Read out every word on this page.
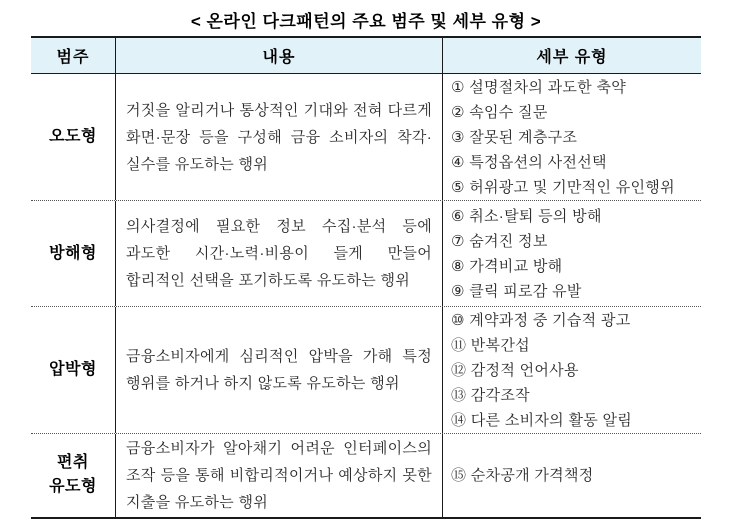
< 온라인 다크패턴의 주요 범주 및 세부 유형 >
범주	내용	세부 유형
오도형
거짓을 알리거나 통상적인 기대와 전혀 다르게 화면·문장 등을 구성해 금융 소비자의 착각·실수를 유도하는 행위
① 설명절차의 과도한 축약
② 속임수 질문
③ 잘못된 계층구조
④ 특정옵션의 사전선택
⑤ 허위광고 및 기만적인 유인행위
방해형
의사결정에 필요한 정보 수집·분석 등에 과도한 시간·노력·비용이 들게 만들어 합리적인 선택을 포기하도록 유도하는 행위
⑥ 취소·탈퇴 등의 방해
⑦ 숨겨진 정보
⑧ 가격비교 방해
⑨ 클릭 피로감 유발
압박형
금융소비자에게 심리적인 압박을 가해 특정 행위를 하거나 하지 않도록 유도하는 행위
⑩ 계약과정 중 기습적 광고
⑪ 반복간섭
⑫ 감정적 언어사용
⑬ 감각조작
⑭ 다른 소비자의 활동 알림
편취 유도형
금융소비자가 알아채기 어려운 인터페이스의 조작 등을 통해 비합리적이거나 예상하지 못한 지출을 유도하는 행위
⑮ 순차공개 가격책정
